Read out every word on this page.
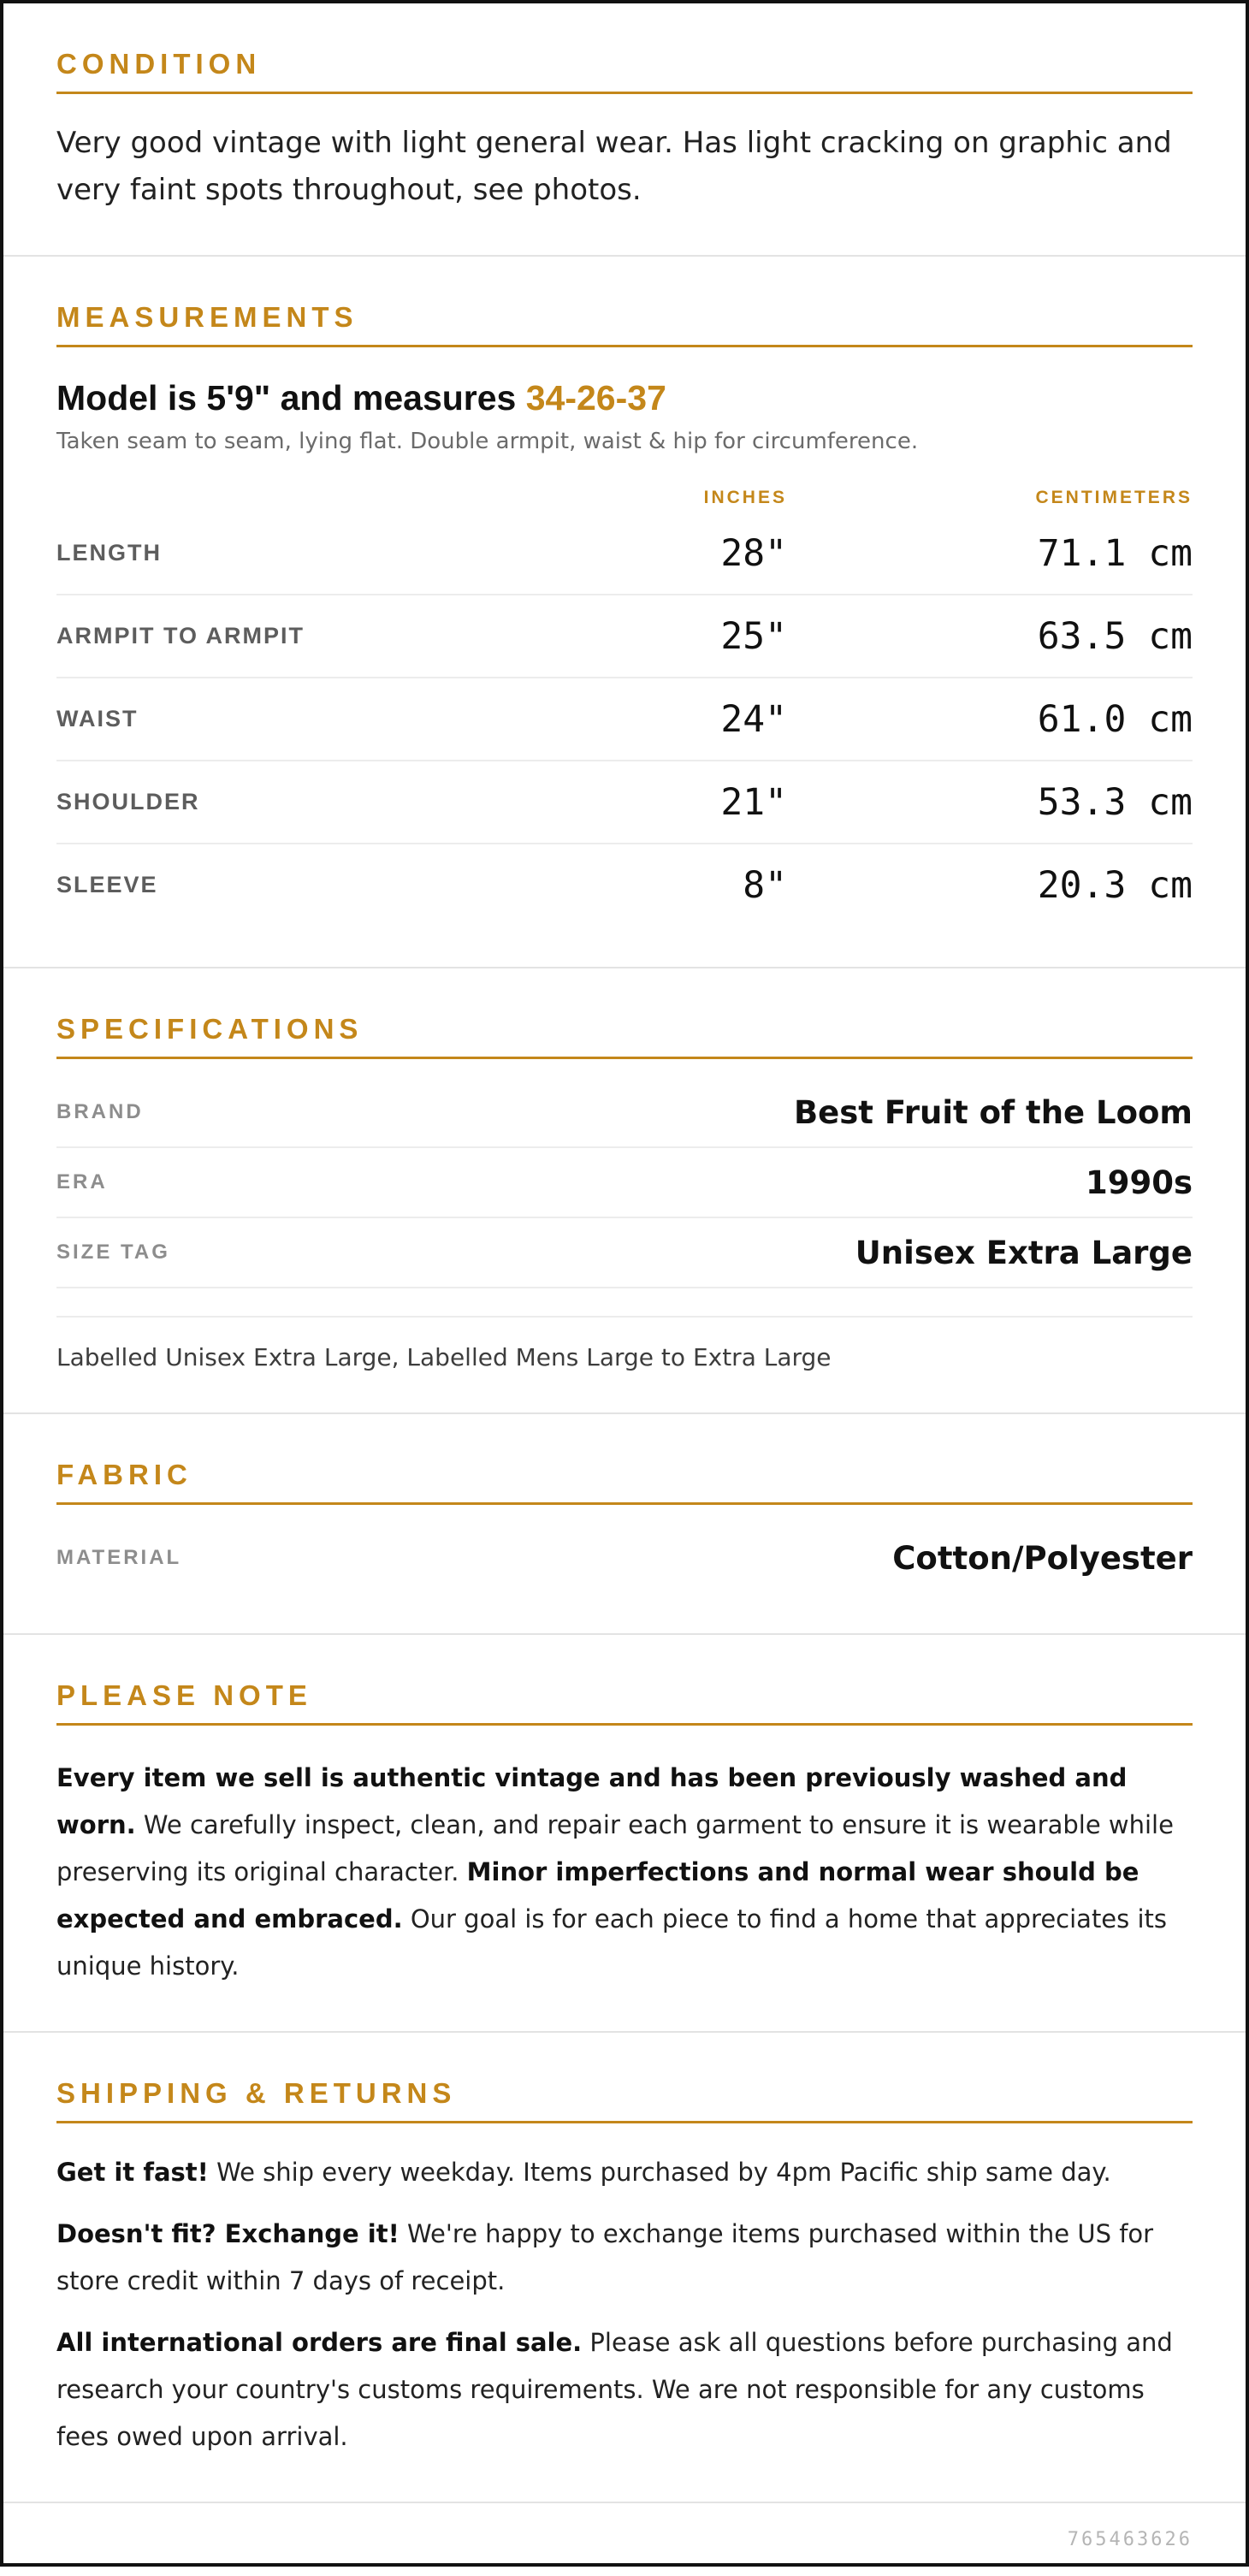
CONDITION

Very good vintage with light general wear. Has light cracking on graphic and very faint spots throughout, see photos.

MEASUREMENTS
Model is 5'9" and measures 34-26-37

Taken seam to seam, lying flat. Double armpit, waist & hip for circumference.

INCHES	CENTIMETERS
LENGTH	28"	71.1 cm
ARMPIT TO ARMPIT	25"	63.5 cm
WAIST	24"	61.0 cm
SHOULDER	21"	53.3 cm
SLEEVE	8"	20.3 cm
SPECIFICATIONS
BRAND	Best Fruit of the Loom
ERA	1990s
SIZE TAG	Unisex Extra Large
Labelled Unisex Extra Large, Labelled Mens Large to Extra Large
FABRIC
MATERIAL	Cotton/Polyester
PLEASE NOTE

Every item we sell is authentic vintage and has been previously washed and worn. We carefully inspect, clean, and repair each garment to ensure it is wearable while preserving its original character. Minor imperfections and normal wear should be expected and embraced. Our goal is for each piece to find a home that appreciates its unique history.

SHIPPING & RETURNS

Get it fast! We ship every weekday. Items purchased by 4pm Pacific ship same day.

Doesn't fit? Exchange it! We're happy to exchange items purchased within the US for store credit within 7 days of receipt.

All international orders are final sale. Please ask all questions before purchasing and research your country's customs requirements. We are not responsible for any customs fees owed upon arrival.

765463626
